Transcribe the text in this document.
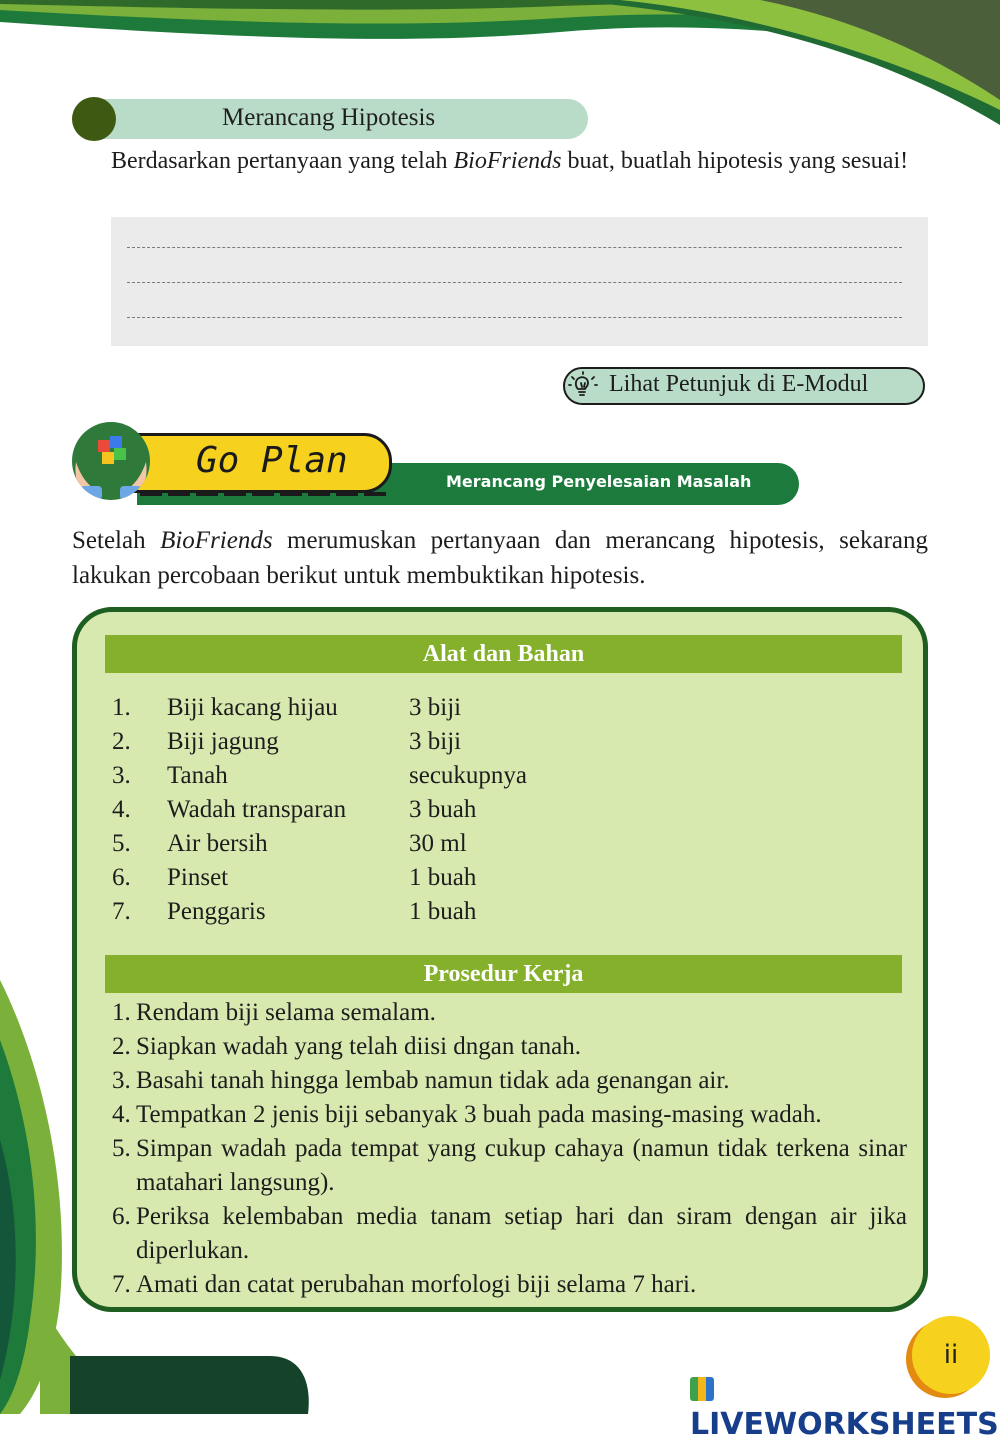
Merancang Hipotesis
Berdasarkan pertanyaan yang telah BioFriends buat, buatlah hipotesis yang sesuai!
Lihat Petunjuk di E-Modul
Merancang Penyelesaian Masalah
Go Plan
Setelah BioFriends merumuskan pertanyaan dan merancang hipotesis, sekarang lakukan percobaan berikut untuk membuktikan hipotesis.
Alat dan Bahan
1. Biji kacang hijau	3 biji
2. Biji jagung	3 biji
3. Tanah	secukupnya
4. Wadah transparan	3 buah
5. Air bersih	30 ml
6. Pinset	1 buah
7. Penggaris	1 buah
Prosedur Kerja
1. Rendam biji selama semalam.
2. Siapkan wadah yang telah diisi dngan tanah.
3. Basahi tanah hingga lembab namun tidak ada genangan air.
4. Tempatkan 2 jenis biji sebanyak 3 buah pada masing-masing wadah.
5. Simpan wadah pada tempat yang cukup cahaya (namun tidak terkena sinar matahari langsung).
6. Periksa kelembaban media tanam setiap hari dan siram dengan air jika diperlukan.
7. Amati dan catat perubahan morfologi biji selama 7 hari.
ii
LIVEWORKSHEETS
